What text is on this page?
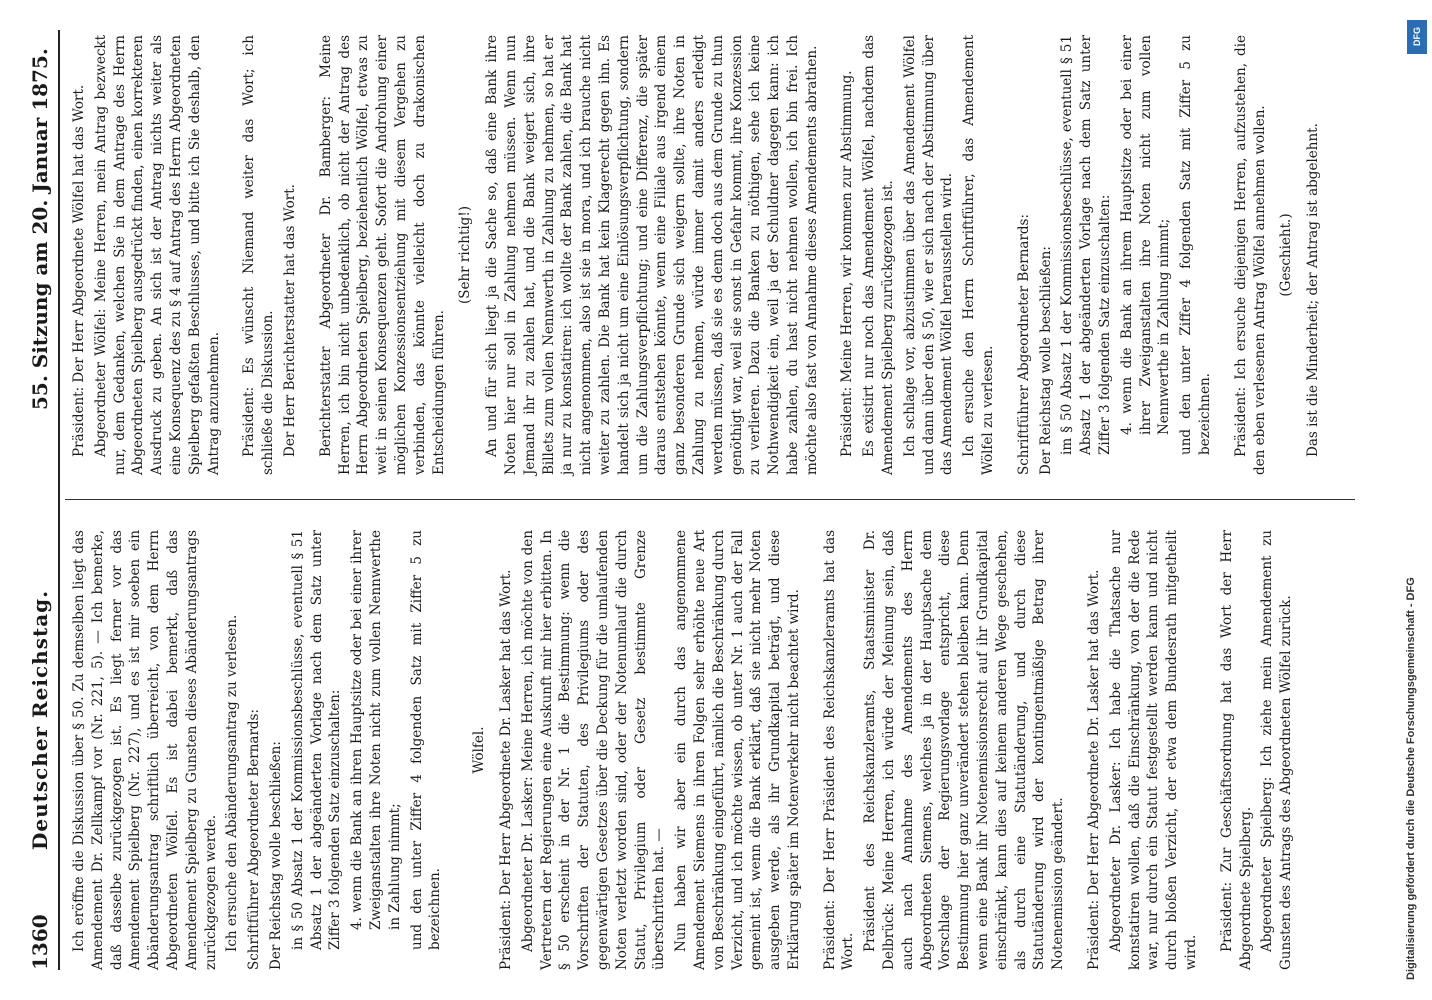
1360
Deutscher Reichstag.
55. Sitzung am 20. Januar 1875.

Ich eröffne die Diskussion über § 50. Zu demselben liegt das Amendement Dr. Zellkampf vor (Nr. 221, 5). — Ich bemerke, daß dasselbe zurückgezogen ist. Es liegt ferner vor das Amendement Spielberg (Nr. 227), und es ist mir soeben ein Abänderungsantrag schriftlich überreicht, von dem Herrn Abgeordneten Wölfel. Es ist dabei bemerkt, daß das Amendement Spielberg zu Gunsten dieses Abänderungsantrags zurückgezogen werde. Ich ersuche den Abänderungsantrag zu verlesen. Schriftführer Abgeordneter Bernards: Der Reichstag wolle beschließen: in § 50 Absatz 1 der Kommissionsbeschlüsse, eventuell § 51 Absatz 1 der abgeänderten Vorlage nach dem Satz unter Ziffer 3 folgenden Satz einzuschalten: 4. wenn die Bank an ihren Hauptsitze oder bei einer ihrer Zweiganstalten ihre Noten nicht zum vollen Nennwerthe in Zahlung nimmt; und den unter Ziffer 4 folgenden Satz mit Ziffer 5 zu bezeichnen.

Wölfel. Präsident: Der Herr Abgeordnete Dr. Lasker hat das Wort. Abgeordneter Dr. Lasker: Meine Herren, ich möchte von den Vertretern der Regierungen eine Auskunft mir hier erbitten. In § 50 erscheint in der Nr. 1 die Bestimmung: wenn die Vorschriften der Statuten, des Privilegiums oder des gegenwärtigen Gesetzes über die Deckung für die umlaufenden Noten verletzt worden sind, oder der Notenumlauf die durch Statut, Privilegium oder Gesetz bestimmte Grenze überschritten hat. — Nun haben wir aber ein durch das angenommene Amendement Siemens in ihren Folgen sehr erhöhte neue Art von Beschränkung eingeführt, nämlich die Beschränkung durch Verzicht, und ich möchte wissen, ob unter Nr. 1 auch der Fall gemeint ist, wenn die Bank erklärt, daß sie nicht mehr Noten ausgeben werde, als ihr Grundkapital beträgt, und diese Erklärung später im Notenverkehr nicht beachtet wird. Präsident: Der Herr Präsident des Reichskanzleramts hat das Wort. Präsident des Reichskanzleramts, Staatsminister Dr. Delbrück: Meine Herren, ich würde der Meinung sein, daß auch nach Annahme des Amendements des Herrn Abgeordneten Siemens, welches ja in der Hauptsache dem Vorschlage der Regierungsvorlage entspricht, diese Bestimmung hier ganz unverändert stehen bleiben kann. Denn wenn eine Bank ihr Notenemissionsrecht auf ihr Grundkapital einschränkt, kann dies auf keinem anderen Wege geschehen, als durch eine Statutänderung, und durch diese Statutänderung wird der kontingentmäßige Betrag ihrer Notenemission geändert. Präsident: Der Herr Abgeordnete Dr. Lasker hat das Wort. Abgeordneter Dr. Lasker: Ich habe die Thatsache nur konstatiren wollen, daß die Einschränkung, von der die Rede war, nur durch ein Statut festgestellt werden kann und nicht durch bloßen Verzicht, der etwa dem Bundesrath mitgetheilt wird.

Präsident: Zur Geschäftsordnung hat das Wort der Herr Abgeordnete Spielberg. Abgeordneter Spielberg: Ich ziehe mein Amendement zu Gunsten des Antrags des Abgeordneten Wölfel zurück.

Präsident: Der Herr Abgeordnete Wölfel hat das Wort. Abgeordneter Wölfel: Meine Herren, mein Antrag bezweckt nur, dem Gedanken, welchen Sie in dem Antrage des Herrn Abgeordneten Spielberg ausgedrückt finden, einen korrekteren Ausdruck zu geben. An sich ist der Antrag nichts weiter als eine Konsequenz des zu § 4 auf Antrag des Herrn Abgeordneten Spielberg gefaßten Beschlusses, und bitte ich Sie deshalb, den Antrag anzunehmen. Präsident: Es wünscht Niemand weiter das Wort; ich schließe die Diskussion. Der Herr Berichterstatter hat das Wort. Berichterstatter Abgeordneter Dr. Bamberger: Meine Herren, ich bin nicht unbedenklich, ob nicht der Antrag des Herrn Abgeordneten Spielberg, beziehentlich Wölfel, etwas zu weit in seinen Konsequenzen geht. Sofort die Androhung einer möglichen Konzessionsentziehung mit diesem Vergehen zu verbinden, das könnte vielleicht doch zu drakonischen Entscheidungen führen.

(Sehr richtig!) An und für sich liegt ja die Sache so, daß eine Bank ihre Noten hier nur soll in Zahlung nehmen müssen. Wenn nun Jemand ihr zu zahlen hat, und die Bank weigert sich, ihre Billets zum vollen Nennwerth in Zahlung zu nehmen, so hat er ja nur zu konstatiren: ich wollte der Bank zahlen, die Bank hat nicht angenommen, also ist sie in mora, und ich brauche nicht weiter zu zahlen. Die Bank hat kein Klagerecht gegen ihn. Es handelt sich ja nicht um eine Einlösungsverpflichtung, sondern um die Zahlungsverpflichtung; und eine Differenz, die später daraus entstehen könnte, wenn eine Filiale aus irgend einem ganz besonderen Grunde sich weigern sollte, ihre Noten in Zahlung zu nehmen, würde immer damit anders erledigt werden müssen, daß sie es denn doch aus dem Grunde zu thun genöthigt war, weil sie sonst in Gefahr kommt, ihre Konzession zu verlieren. Dazu die Banken zu nöthigen, sehe ich keine Nothwendigkeit ein, weil ja der Schuldner dagegen kann: ich habe zahlen, du hast nicht nehmen wollen, ich bin frei. Ich möchte also fast von Annahme dieses Amendements abrathen. Präsident: Meine Herren, wir kommen zur Abstimmung. Es existirt nur noch das Amendement Wölfel, nachdem das Amendement Spielberg zurückgezogen ist. Ich schlage vor, abzustimmen über das Amendement Wölfel und dann über den § 50, wie er sich nach der Abstimmung über das Amendement Wölfel herausstellen wird. Ich ersuche den Herrn Schriftführer, das Amendement Wölfel zu verlesen. Schriftführer Abgeordneter Bernards: Der Reichstag wolle beschließen: im § 50 Absatz 1 der Kommissionsbeschlüsse, eventuell § 51 Absatz 1 der abgeänderten Vorlage nach dem Satz unter Ziffer 3 folgenden Satz einzuschalten: 4. wenn die Bank an ihrem Hauptsitze oder bei einer ihrer Zweiganstalten ihre Noten nicht zum vollen Nennwerthe in Zahlung nimmt; und den unter Ziffer 4 folgenden Satz mit Ziffer 5 zu bezeichnen. Präsident: Ich ersuche diejenigen Herren, aufzustehen, die den eben verlesenen Antrag Wölfel annehmen wollen. (Geschieht.) Das ist die Minderheit; der Antrag ist abgelehnt.

Digitalisierung gefördert durch die Deutsche Forschungsgemeinschaft - DFG
DFG
